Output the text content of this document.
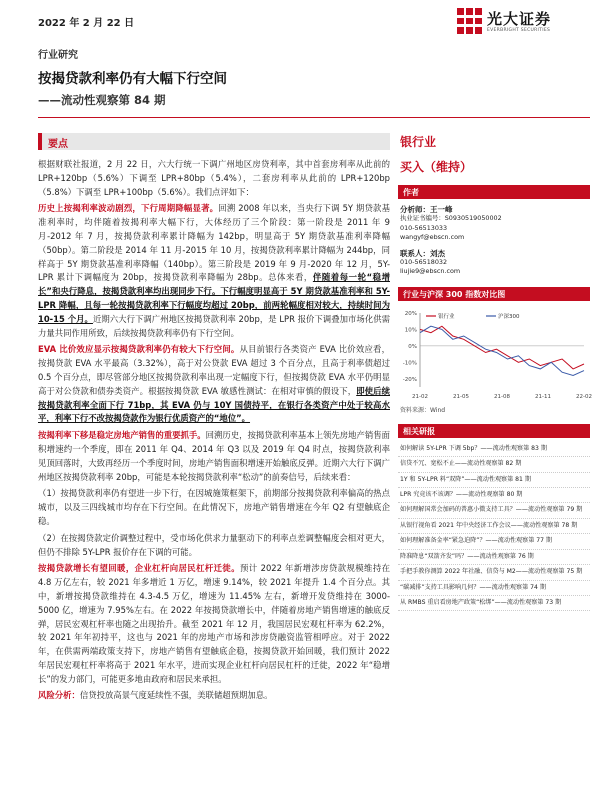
2022 年 2 月 22 日	光大证券
EVERBRIGHT SECURITIES
行业研究
按揭贷款利率仍有大幅下行空间
——流动性观察第 84 期
要点

根据财联社报道，2 月 22 日，六大行统一下调广州地区房贷利率，其中首套房利率从此前的 LPR+120bp（5.6%）下调至 LPR+80bp（5.4%），二套房利率从此前的 LPR+120bp（5.8%）下调至 LPR+100bp（5.6%）。我们点评如下：

历史上按揭利率波动剧烈，下行周期降幅显著。回溯 2008 年以来，当央行下调 5Y 期贷款基准利率时，均伴随着按揭利率大幅下行，大体经历了三个阶段：第一阶段是 2011 年 9 月-2012 年 7 月，按揭贷款利率累计降幅为 142bp，明显高于 5Y 期贷款基准利率降幅（50bp）。第二阶段是 2014 年 11 月-2015 年 10 月，按揭贷款利率累计降幅为 244bp，同样高于 5Y 期贷款基准利率降幅（140bp）。第三阶段是 2019 年 9 月-2020 年 12 月，5Y-LPR 累计下调幅度为 20bp，按揭贷款利率降幅为 28bp。总体来看，伴随着每一轮“稳增长”和央行降息，按揭贷款利率均出现同步下行。下行幅度明显高于 5Y 期贷款基准利率和 5Y-LPR 降幅，且每一轮按揭贷款利率下行幅度均超过 20bp，前两轮幅度相对较大，持续时间为 10-15 个月。近期六大行下调广州地区按揭贷款利率 20bp，是 LPR 报价下调叠加市场化供需力量共同作用所致，后续按揭贷款利率仍有下行空间。

EVA 比价效应显示按揭贷款利率仍有较大下行空间。从目前银行各类资产 EVA 比价效应看，按揭贷款 EVA 水平最高（3.32%），高于对公贷款 EVA 超过 3 个百分点，且高于利率债超过 0.5 个百分点，即尽管部分地区按揭贷款利率出现一定幅度下行，但按揭贷款 EVA 水平仍明显高于对公贷款和债券类资产。根据按揭贷款 EVA 敏感性测试：在相对审慎的假设下，即使后续按揭贷款利率全面下行 71bp，其 EVA 仍与 10Y 国债持平，在银行各类资产中处于较高水平，利率下行不改按揭贷款作为银行优质资产的“地位”。

按揭利率下移是稳定房地产销售的重要抓手。回溯历史，按揭贷款利率基本上领先房地产销售面积增速约一个季度，即在 2011 年 Q4、2014 年 Q3 以及 2019 年 Q4 时点，按揭贷款利率见顶回落时，大致再经历一个季度时间，房地产销售面积增速开始触底反弹。近期六大行下调广州地区按揭贷款利率 20bp，可能是本轮按揭贷款利率“松动”的前奏信号，后续来看：

（1）按揭贷款利率仍有望进一步下行，在因城施策框架下，前期部分按揭贷款利率偏高的热点城市，以及三四线城市均存在下行空间。在此情况下，房地产销售增速在今年 Q2 有望触底企稳。

（2）在按揭贷款定价调整过程中，受市场化供求力量驱动下的利率点差调整幅度会相对更大，但仍不排除 5Y-LPR 报价存在下调的可能。

按揭贷款增长有望回暖，企业杠杆向居民杠杆迁徙。预计 2022 年新增涉房贷款规模维持在 4.8 万亿左右，较 2021 年多增近 1 万亿，增速 9.14%，较 2021 年提升 1.4 个百分点。其中，新增按揭贷款维持在 4.3-4.5 万亿，增速为 11.45% 左右，新增开发贷维持在 3000-5000 亿，增速为 7.95%左右。在 2022 年按揭贷款增长中，伴随着房地产销售增速的触底反弹，居民宏观杠杆率也随之出现抬升。截至 2021 年 12 月，我国居民宏观杠杆率为 62.2%，较 2021 年年初持平，这也与 2021 年的房地产市场和涉房贷融资监管相呼应。对于 2022 年，在供需两端政策支持下，房地产销售有望触底企稳，按揭贷款开始回暖，我们预计 2022 年居民宏观杠杆率将高于 2021 年水平，进而实现企业杠杆向居民杠杆的迁徙，2022 年“稳增长”的发力部门，可能更多地由政府和居民来承担。

风险分析：信贷投放高景气度延续性不强，美联储超预期加息。

银行业
买入（维持）
作者
分析师：王一峰
执业证书编号：S0930519050002
010-56513033
wangyf@ebscn.com
联系人：刘杰
010-56518032
liujie9@ebscn.com
行业与沪深 300 指数对比图
-20%
-10%
0%
10%
20%
21-02	21-05	21-08	21-11	22-02
银行业	沪深300
资料来源：Wind
相关研报
如何解读 5Y-LPR 下调 5bp？——流动性观察第 83 期
信贷不冗、宽松不止——流动性观察第 82 期
1Y 和 5Y-LPR 料“双降”——流动性观察第 81 期
LPR 究竟该不该调？——流动性观察第 80 期
如何理解国常会加码的普惠小微支持工具？——流动性观察第 79 期
从银行视角看 2021 年中央经济工作会议——流动性观察第 78 期
如何理解准备金率“紧急迫降”？——流动性观察第 77 期
降准降息“双箭齐发”吗？——流动性观察第 76 期
手把手教你测算 2022 年社融、信贷与 M2——流动性观察第 75 期
“碳减排”支持工具影响几何？——流动性观察第 74 期
从 RMBS 重启看房地产政策“松绑”——流动性观察第 73 期
